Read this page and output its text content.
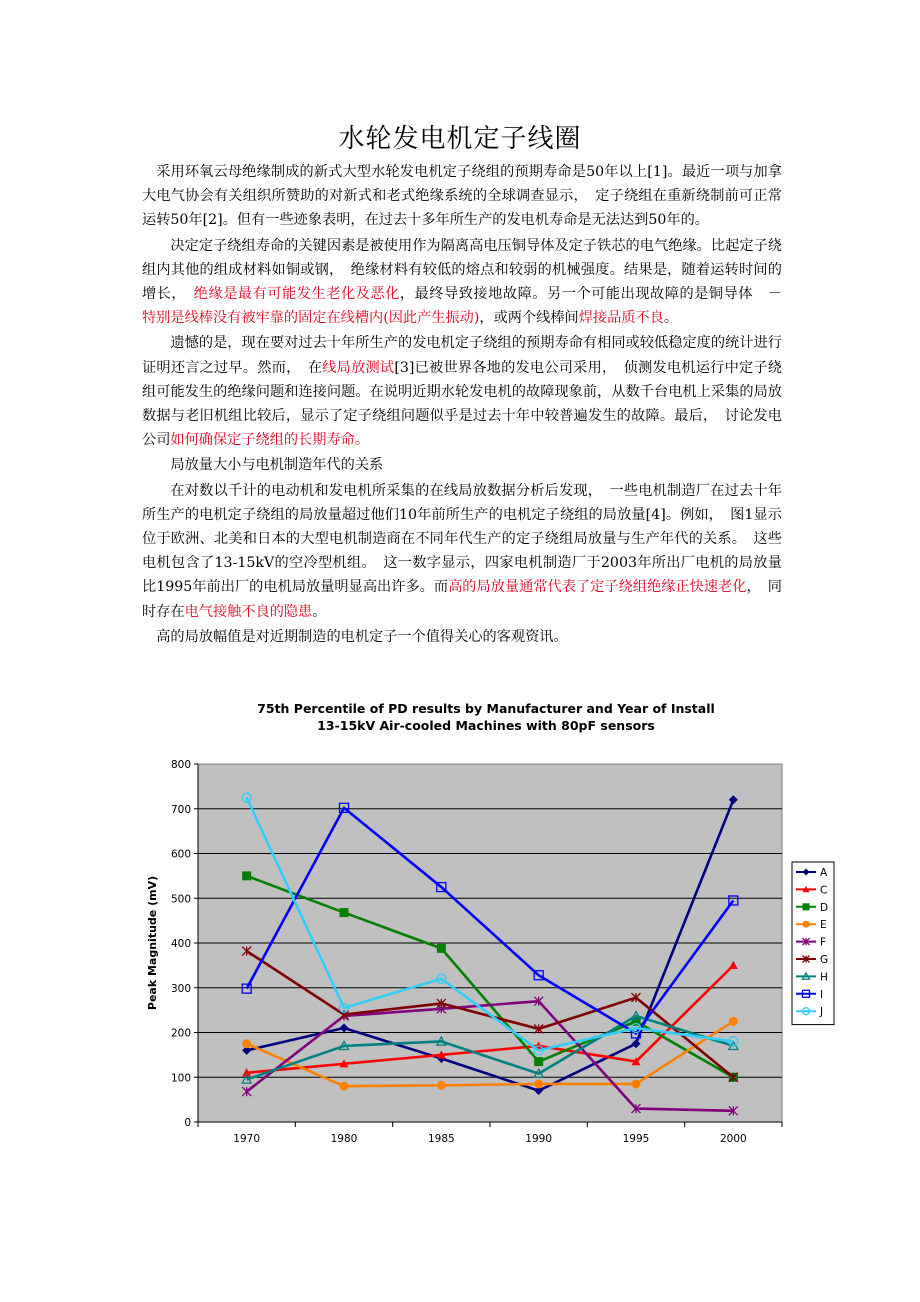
水轮发电机定子线圈

采用环氧云母绝缘制成的新式大型水轮发电机定子绕组的预期寿命是50年以上[1]。最近一项与加拿大电气协会有关组织所赞助的对新式和老式绝缘系统的全球调查显示，　定子绕组在重新绕制前可正常运转50年[2]。但有一些迹象表明，在过去十多年所生产的发电机寿命是无法达到50年的。

决定定子绕组寿命的关键因素是被使用作为隔离高电压铜导体及定子铁芯的电气绝缘。比起定子绕组内其他的组成材料如铜或钢，　绝缘材料有较低的熔点和较弱的机械强度。结果是，随着运转时间的增长，　绝缘是最有可能发生老化及恶化，最终导致接地故障。另一个可能出现故障的是铜导体　－　特别是线棒没有被牢靠的固定在线槽内(因此产生振动)，或两个线棒间焊接品质不良。

遗憾的是，现在要对过去十年所生产的发电机定子绕组的预期寿命有相同或较低稳定度的统计进行证明还言之过早。然而，　在线局放测试[3]已被世界各地的发电公司采用，　侦测发电机运行中定子绕组可能发生的绝缘问题和连接问题。在说明近期水轮发电机的故障现象前，从数千台电机上采集的局放数据与老旧机组比较后，显示了定子绕组问题似乎是过去十年中较普遍发生的故障。最后，　讨论发电公司如何确保定子绕组的长期寿命。

局放量大小与电机制造年代的关系

在对数以千计的电动机和发电机所采集的在线局放数据分析后发现，　一些电机制造厂在过去十年所生产的电机定子绕组的局放量超过他们10年前所生产的电机定子绕组的局放量[4]。例如，　图1显示位于欧洲、北美和日本的大型电机制造商在不同年代生产的定子绕组局放量与生产年代的关系。　这些电机包含了13-15kV的空冷型机组。　这一数字显示，四家电机制造厂于2003年所出厂电机的局放量比1995年前出厂的电机局放量明显高出许多。而高的局放量通常代表了定子绕组绝缘正快速老化，　同时存在电气接触不良的隐患。

高的局放幅值是对近期制造的电机定子一个值得关心的客观资讯。

75th Percentile of PD results by Manufacturer and Year of Install
13-15kV Air-cooled Machines with 80pF sensors
0
100
200
300
400
500
600
700
800
1970	1980	1985	1990	1995	2000
Peak Magnitude (mV)
A
C
D
E
F
G
H
I
J
